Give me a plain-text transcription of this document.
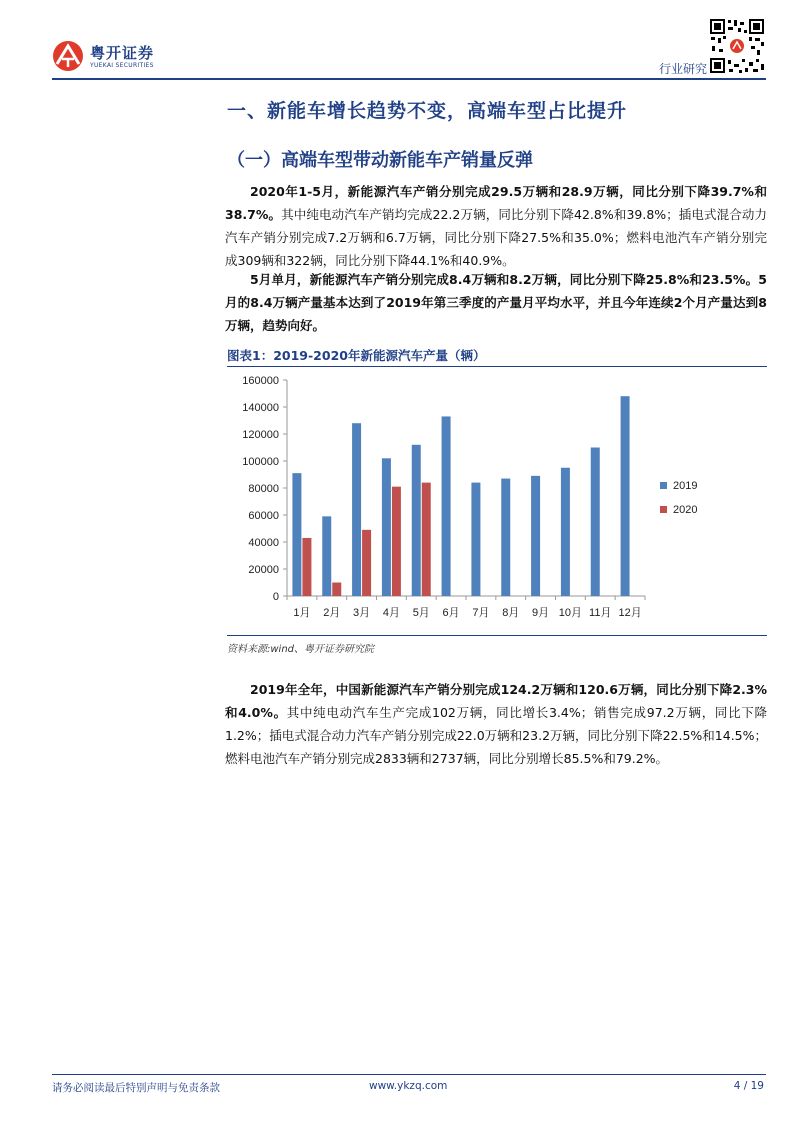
粤开证券
YUEKAI SECURITIES	行业研究
一、新能车增长趋势不变，高端车型占比提升
（一）高端车型带动新能车产销量反弹

2020年1-5月，新能源汽车产销分别完成29.5万辆和28.9万辆，同比分别下降39.7%和38.7%。其中纯电动汽车产销均完成22.2万辆，同比分别下降42.8%和39.8%；插电式混合动力汽车产销分别完成7.2万辆和6.7万辆，同比分别下降27.5%和35.0%；燃料电池汽车产销分别完成309辆和322辆，同比分别下降44.1%和40.9%。

5月单月，新能源汽车产销分别完成8.4万辆和8.2万辆，同比分别下降25.8%和23.5%。5月的8.4万辆产量基本达到了2019年第三季度的产量月平均水平，并且今年连续2个月产量达到8万辆，趋势向好。

图表1：2019-2020年新能源汽车产量（辆）
0
20000
40000
60000
80000
100000
120000
140000
160000
1月 2月 3月 4月 5月 6月 7月 8月 9月 10月 11月 12月
2019
2020
资料来源:wind、粤开证券研究院

2019年全年，中国新能源汽车产销分别完成124.2万辆和120.6万辆，同比分别下降2.3%和4.0%。其中纯电动汽车生产完成102万辆，同比增长3.4%；销售完成97.2万辆，同比下降1.2%；插电式混合动力汽车产销分别完成22.0万辆和23.2万辆，同比分别下降22.5%和14.5%；燃料电池汽车产销分别完成2833辆和2737辆，同比分别增长85.5%和79.2%。

请务必阅读最后特别声明与免责条款	www.ykzq.com	4 / 19
